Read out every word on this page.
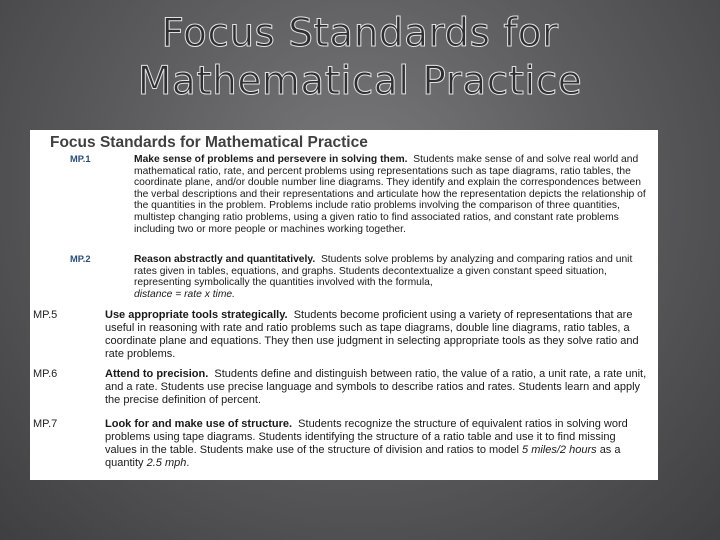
Focus Standards for Mathematical Practice
Focus Standards for Mathematical Practice
MP.1	Make sense of problems and persevere in solving them. Students make sense of and solve real world and mathematical ratio, rate, and percent problems using representations such as tape diagrams, ratio tables, the coordinate plane, and/or double number line diagrams. They identify and explain the correspondences between the verbal descriptions and their representations and articulate how the representation depicts the relationship of the quantities in the problem. Problems include ratio problems involving the comparison of three quantities, multistep changing ratio problems, using a given ratio to find associated ratios, and constant rate problems including two or more people or machines working together.
MP.2	Reason abstractly and quantitatively. Students solve problems by analyzing and comparing ratios and unit rates given in tables, equations, and graphs. Students decontextualize a given constant speed situation, representing symbolically the quantities involved with the formula,
distance = rate x time.
MP.5	Use appropriate tools strategically. Students become proficient using a variety of representations that are useful in reasoning with rate and ratio problems such as tape diagrams, double line diagrams, ratio tables, a coordinate plane and equations. They then use judgment in selecting appropriate tools as they solve ratio and rate problems.
MP.6	Attend to precision. Students define and distinguish between ratio, the value of a ratio, a unit rate, a rate unit, and a rate. Students use precise language and symbols to describe ratios and rates. Students learn and apply the precise definition of percent.
MP.7	Look for and make use of structure. Students recognize the structure of equivalent ratios in solving word problems using tape diagrams. Students identifying the structure of a ratio table and use it to find missing values in the table. Students make use of the structure of division and ratios to model 5 miles/2 hours as a quantity 2.5 mph.
